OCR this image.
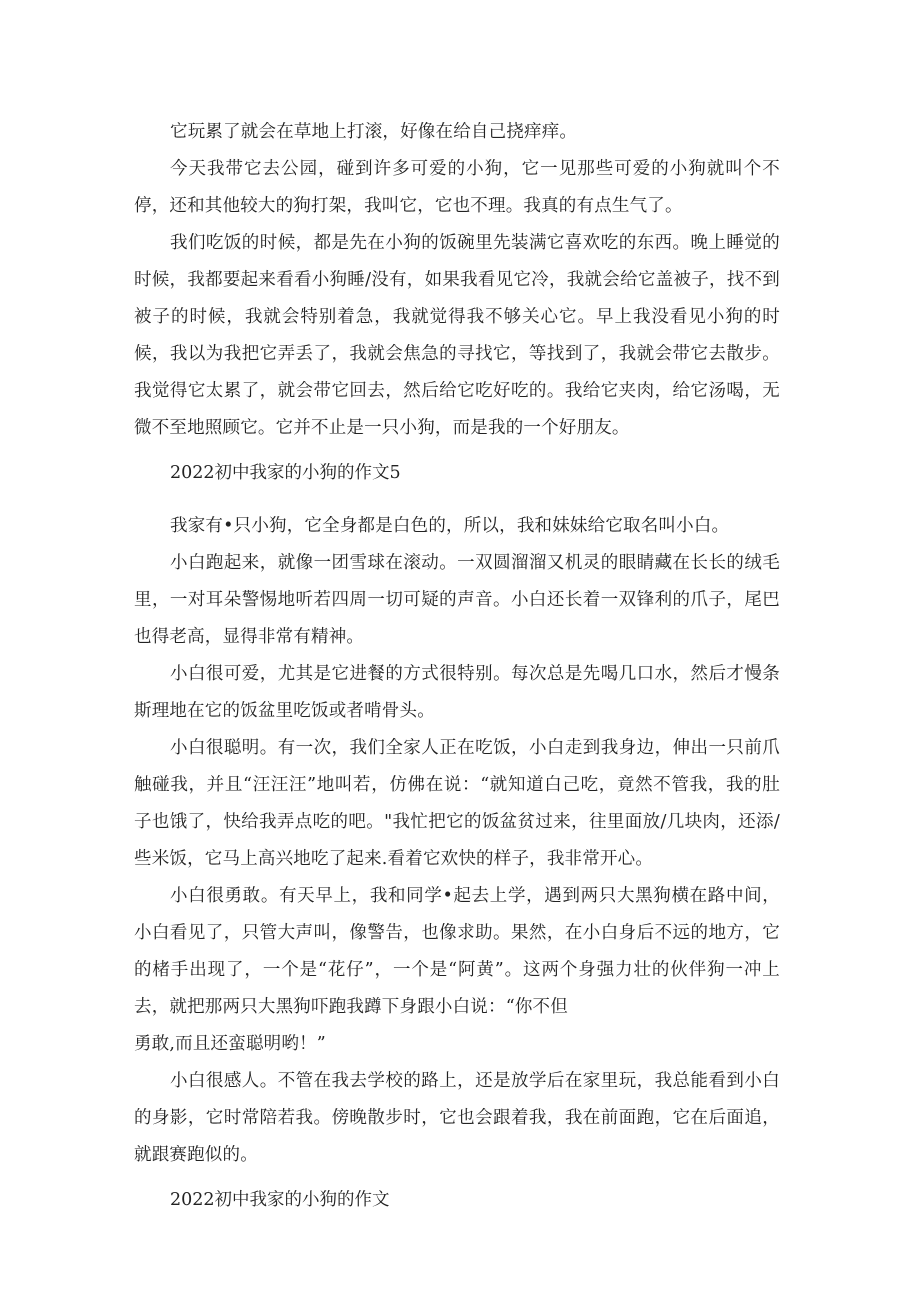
它玩累了就会在草地上打滚，好像在给自己挠痒痒。

今天我带它去公园，碰到许多可爱的小狗，它一见那些可爱的小狗就叫个不停，还和其他较大的狗打架，我叫它，它也不理。我真的有点生气了。

我们吃饭的时候，都是先在小狗的饭碗里先装满它喜欢吃的东西。晚上睡觉的时候，我都要起来看看小狗睡/没有，如果我看见它冷，我就会给它盖被子，找不到被子的时候，我就会特别着急，我就觉得我不够关心它。早上我没看见小狗的时候，我以为我把它弄丢了，我就会焦急的寻找它，等找到了，我就会带它去散步。我觉得它太累了，就会带它回去，然后给它吃好吃的。我给它夹肉，给它汤喝，无微不至地照顾它。它并不止是一只小狗，而是我的一个好朋友。

2022初中我家的小狗的作文5

我家有•只小狗，它全身都是白色的，所以，我和妹妹给它取名叫小白。

小白跑起来，就像一团雪球在滚动。一双圆溜溜又机灵的眼睛藏在长长的绒毛里，一对耳朵警惕地听若四周一切可疑的声音。小白还长着一双锋利的爪子，尾巴也得老高，显得非常有精神。

小白很可爱，尤其是它进餐的方式很特别。每次总是先喝几口水，然后才慢条斯理地在它的饭盆里吃饭或者啃骨头。

小白很聪明。有一次，我们全家人正在吃饭，小白走到我身边，伸出一只前爪触碰我，并且“汪汪汪”地叫若，仿佛在说：“就知道白己吃，竟然不管我，我的肚子也饿了，快给我弄点吃的吧。"我忙把它的饭盆贫过来，往里面放/几块肉，还添/些米饭，它马上高兴地吃了起来.看着它欢快的样子，我非常开心。

小白很勇敢。有天早上，我和同学•起去上学，遇到两只大黑狗横在路中间，小白看见了，只管大声叫，像警告，也像求助。果然，在小白身后不远的地方，它的楮手出现了，一个是“花仔”，一个是“阿黄”。这两个身强力壮的伙伴狗一冲上去，就把那两只大黑狗吓跑我蹲下身跟小白说：“你不但

勇敢,而且还蛮聪明哟！”

小白很感人。不管在我去学校的路上，还是放学后在家里玩，我总能看到小白的身影，它时常陪若我。傍晚散步时，它也会跟着我，我在前面跑，它在后面追，就跟赛跑似的。

2022初中我家的小狗的作文
